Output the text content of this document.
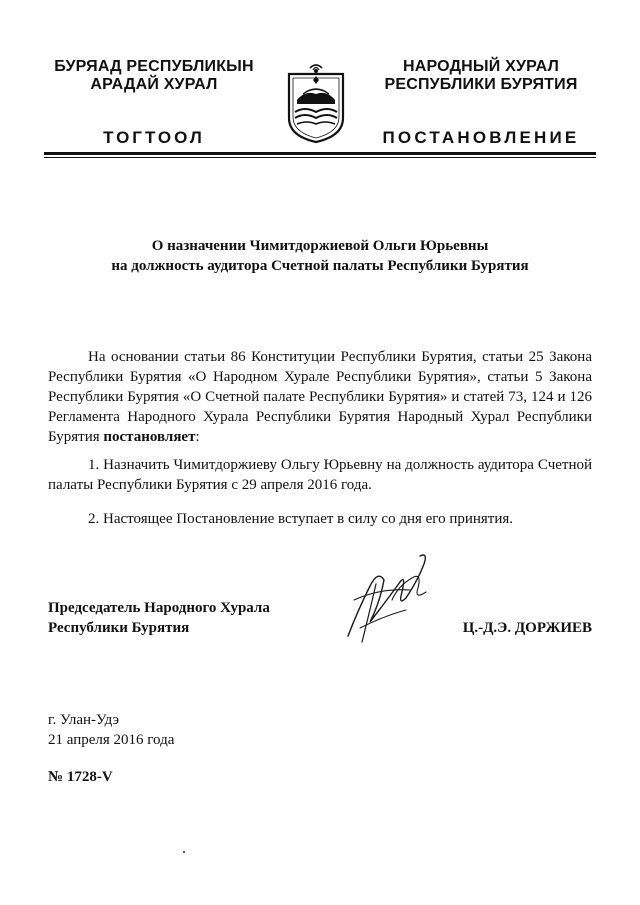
БУРЯАД РЕСПУБЛИКЫН
АРАДАЙ ХУРАЛ
ТОГТООЛ
НАРОДНЫЙ ХУРАЛ
РЕСПУБЛИКИ БУРЯТИЯ
ПОСТАНОВЛЕНИЕ
О назначении Чимитдоржиевой Ольги Юрьевны
на должность аудитора Счетной палаты Республики Бурятия
На основании статьи 86 Конституции Республики Бурятия, статьи 25 Закона Республики Бурятия «О Народном Хурале Республики Бурятия», статьи 5 Закона Республики Бурятия «О Счетной палате Республики Бурятия» и статей 73, 124 и 126 Регламента Народного Хурала Республики Бурятия Народный Хурал Республики Бурятия постановляет:
1. Назначить Чимитдоржиеву Ольгу Юрьевну на должность аудитора Счетной палаты Республики Бурятия с 29 апреля 2016 года.
2. Настоящее Постановление вступает в силу со дня его принятия.
Председатель Народного Хурала
Республики Бурятия	Ц.-Д.Э. ДОРЖИЕВ
г. Улан-Удэ
21 апреля 2016 года
№ 1728-V
